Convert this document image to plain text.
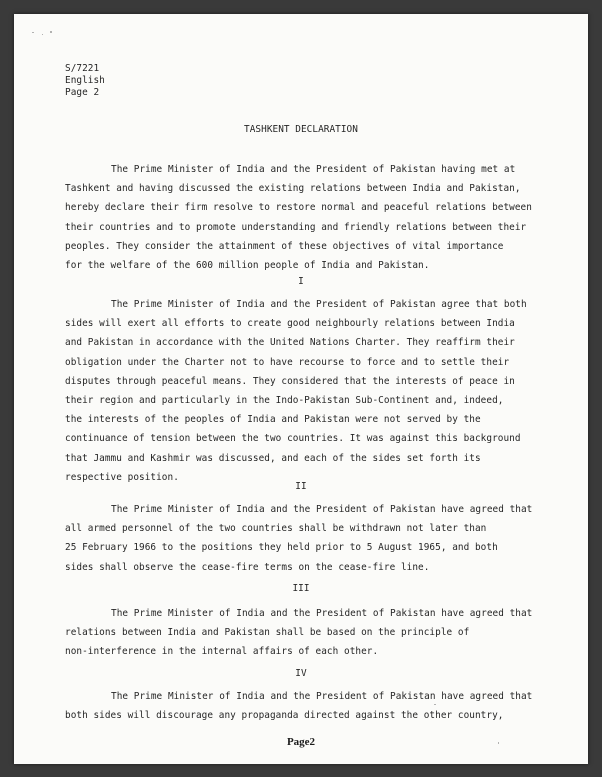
S/7221
English
Page 2
TASHKENT DECLARATION
The Prime Minister of India and the President of Pakistan having met at
Tashkent and having discussed the existing relations between India and Pakistan,
hereby declare their firm resolve to restore normal and peaceful relations between
their countries and to promote understanding and friendly relations between their
peoples. They consider the attainment of these objectives of vital importance
for the welfare of the 600 million people of India and Pakistan.
I
The Prime Minister of India and the President of Pakistan agree that both
sides will exert all efforts to create good neighbourly relations between India
and Pakistan in accordance with the United Nations Charter. They reaffirm their
obligation under the Charter not to have recourse to force and to settle their
disputes through peaceful means. They considered that the interests of peace in
their region and particularly in the Indo-Pakistan Sub-Continent and, indeed,
the interests of the peoples of India and Pakistan were not served by the
continuance of tension between the two countries. It was against this background
that Jammu and Kashmir was discussed, and each of the sides set forth its
respective position.
II
The Prime Minister of India and the President of Pakistan have agreed that
all armed personnel of the two countries shall be withdrawn not later than
25 February 1966 to the positions they held prior to 5 August 1965, and both
sides shall observe the cease-fire terms on the cease-fire line.
III
The Prime Minister of India and the President of Pakistan have agreed that
relations between India and Pakistan shall be based on the principle of
non-interference in the internal affairs of each other.
IV
The Prime Minister of India and the President of Pakistan have agreed that
both sides will discourage any propaganda directed against the other country,
Page2
